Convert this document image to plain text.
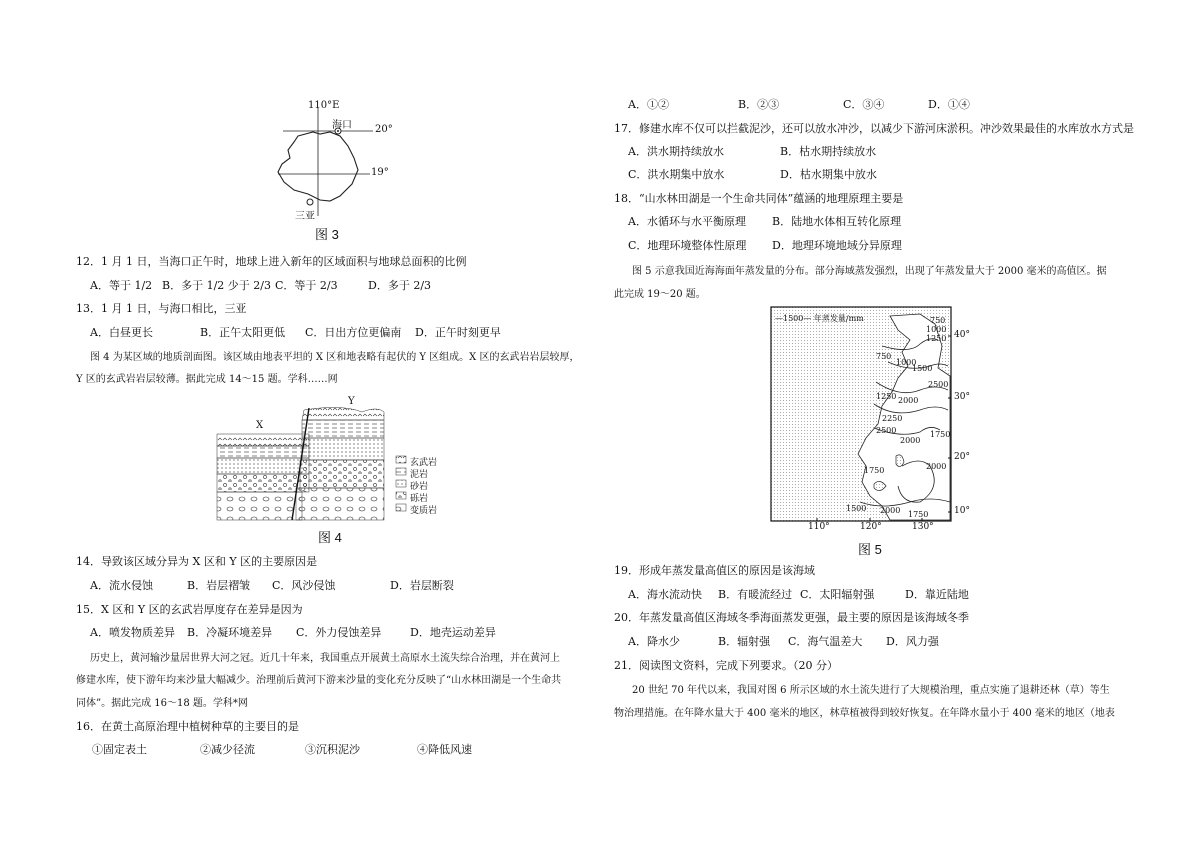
110°E
海口 20°
19°
三亚
图 3
12．1 月 1 日，当海口正午时，地球上进入新年的区域面积与地球总面积的比例
A．等于 1/2 B．多于 1/2 少于 2/3 C．等于 2/3	D．多于 2/3
13．1 月 1 日，与海口相比，三亚
A．白昼更长	B．正午太阳更低 C．日出方位更偏南 D．正午时刻更早
图 4 为某区域的地质剖面图。该区域由地表平坦的 X 区和地表略有起伏的 Y 区组成。X 区的玄武岩岩层较厚，
Y 区的玄武岩岩层较薄。据此完成 14～15 题。学科……网
X
Y
玄武岩
泥岩
砂岩
砾岩
变质岩
图 4
14．导致该区域分异为 X 区和 Y 区的主要原因是
A．流水侵蚀	B．岩层褶皱 C．风沙侵蚀	D．岩层断裂
15．X 区和 Y 区的玄武岩厚度存在差异是因为
A．喷发物质差异 B．冷凝环境差异 C．外力侵蚀差异	D．地壳运动差异
历史上，黄河输沙量居世界大河之冠。近几十年来，我国重点开展黄土高原水土流失综合治理，并在黄河上
修建水库，使下游年均来沙量大幅减少。治理前后黄河下游来沙量的变化充分反映了“山水林田湖是一个生命共
同体”。据此完成 16～18 题。学科*网
16．在黄土高原治理中植树种草的主要目的是
①固定表土	②减少径流	③沉积泥沙	④降低风速
A．①②	B．②③	C．③④	D．①④
17．修建水库不仅可以拦截泥沙，还可以放水冲沙，以减少下游河床淤积。冲沙效果最佳的水库放水方式是
A．洪水期持续放水	B．枯水期持续放水
C．洪水期集中放水	D．枯水期集中放水
18．“山水林田湖是一个生命共同体”蕴涵的地理原理主要是
A．水循环与水平衡原理 B．陆地水体相互转化原理
C．地理环境整体性原理 D．地理环境地域分异原理
图 5 示意我国近海海面年蒸发量的分布。部分海域蒸发强烈，出现了年蒸发量大于 2000 毫米的高值区。据
此完成 19～20 题。
—1500— 年蒸发量/mm	750
1000
1250
750
1000
1500
2500
1250 2000
2250
2500
2000
1750
1750	2000
1500 2000 1750
40°
30°
20°
10°
110°	120°	130°
图 5
19．形成年蒸发量高值区的原因是该海域
A．海水流动快 B．有暖流经过 C．太阳辐射强	D．靠近陆地
20．年蒸发量高值区海域冬季海面蒸发更强，最主要的原因是该海域冬季
A．降水少	B．辐射强 C．海气温差大 D．风力强
21．阅读图文资料，完成下列要求。（20 分）
20 世纪 70 年代以来，我国对图 6 所示区域的水土流失进行了大规模治理，重点实施了退耕还林（草）等生
物治理措施。在年降水量大于 400 毫米的地区，林草植被得到较好恢复。在年降水量小于 400 毫米的地区（地表
